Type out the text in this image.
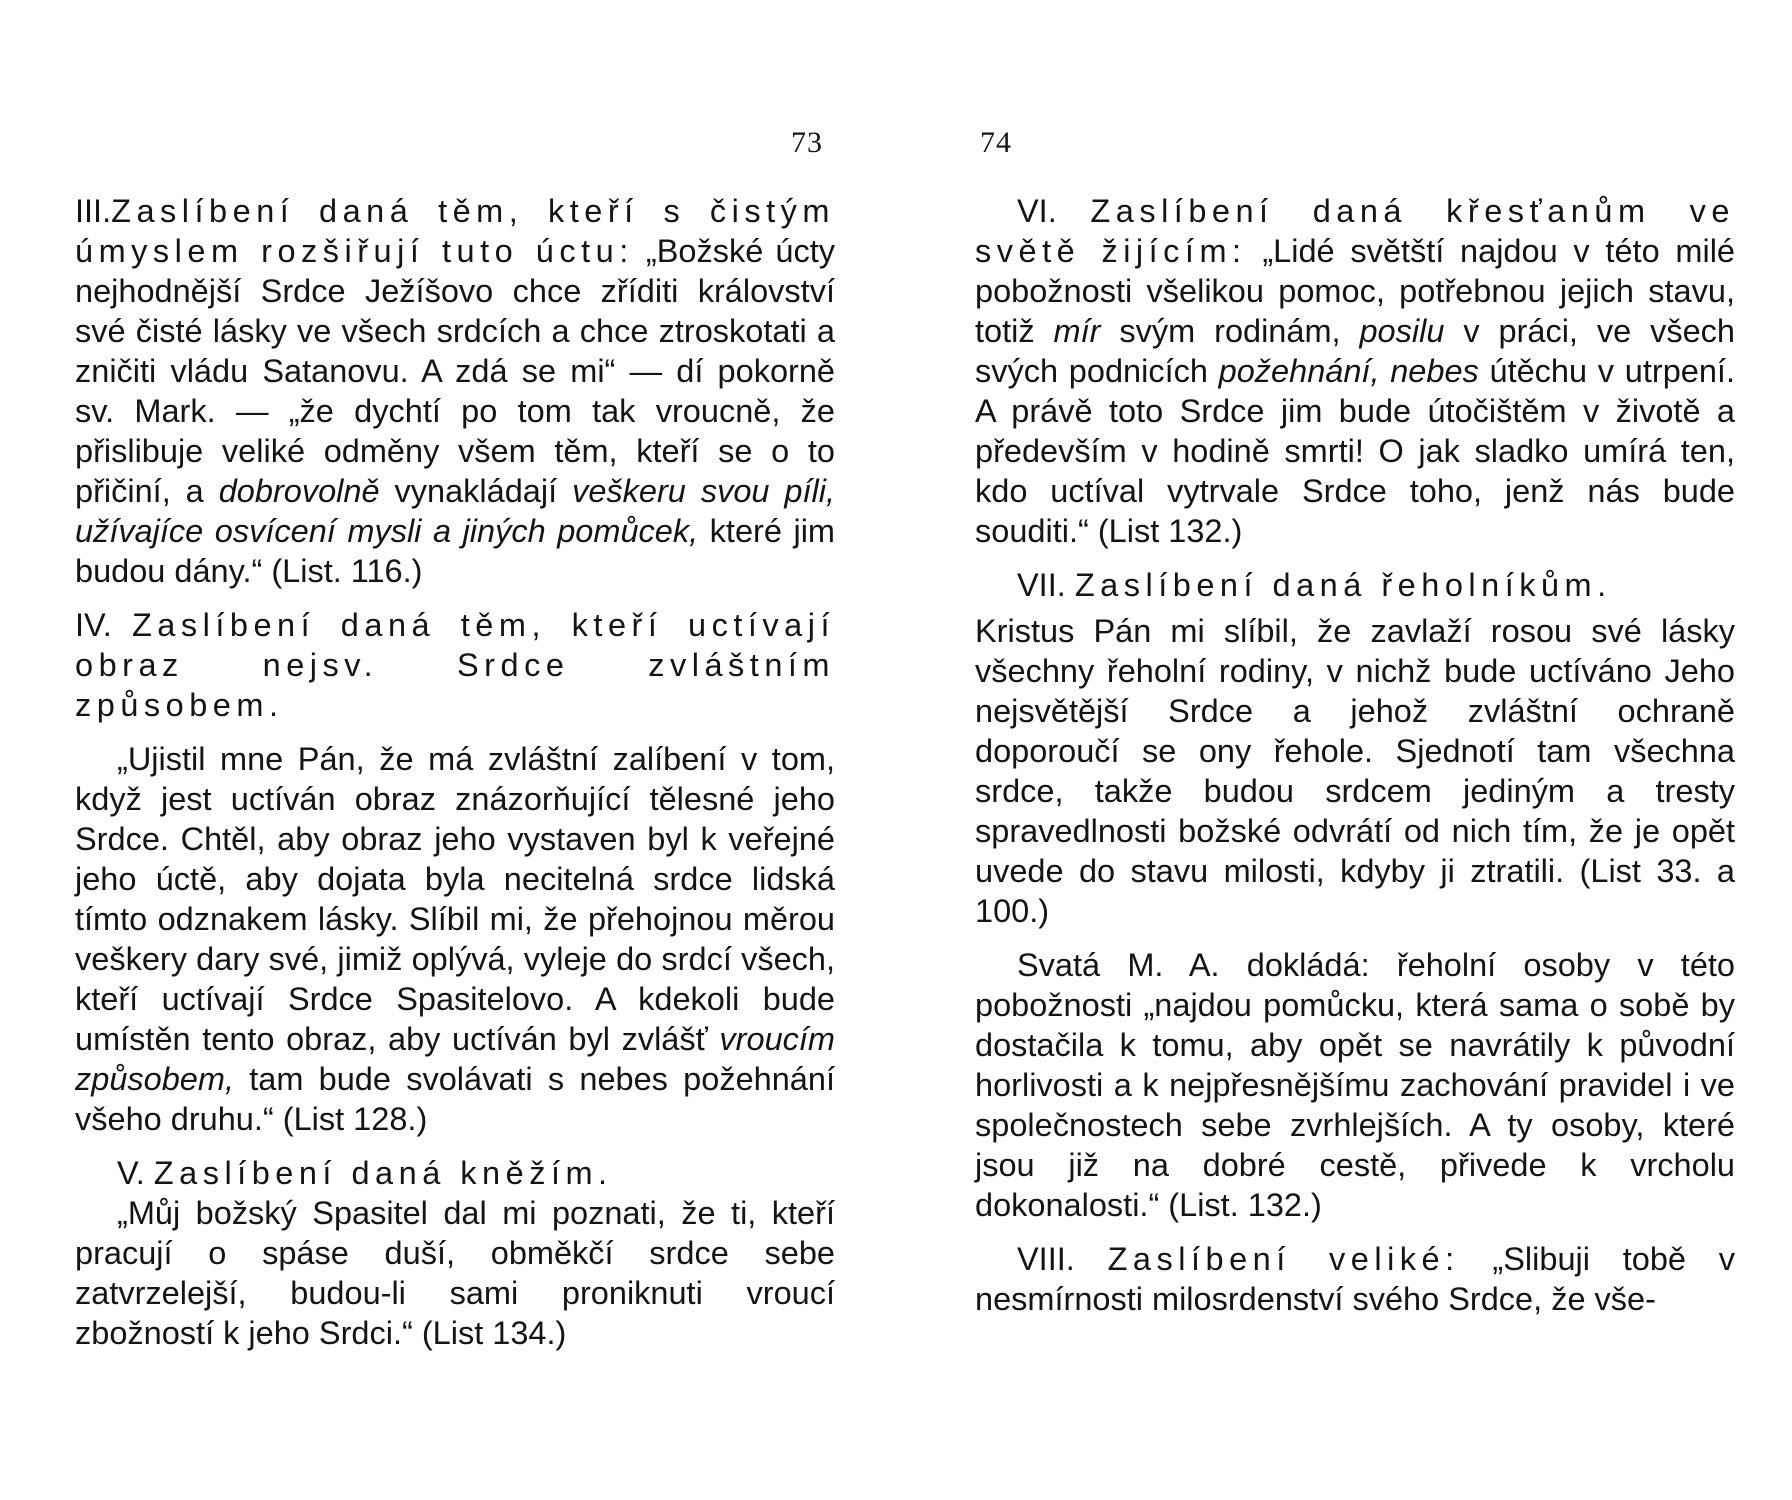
73

III.Zaslíbení daná těm, kteří s čistým úmyslem rozšiřují tuto úctu: „Božské úcty nejhodnější Srdce Ježíšovo chce zříditi království své čisté lásky ve všech srdcích a chce ztroskotati a zničiti vládu Satanovu. A zdá se mi“ — dí pokorně sv. Mark. — „že dychtí po tom tak vroucně, že přislibuje veliké odměny všem těm, kteří se o to přičiní, a dobrovolně vynakládají veškeru svou píli, užívajíce osvícení mysli a jiných pomůcek, které jim budou dány.“ (List. 116.)

IV. Zaslíbení daná těm, kteří uctívají obraz nejsv. Srdce zvláštním způsobem.

„Ujistil mne Pán, že má zvláštní zalíbení v tom, když jest uctíván obraz znázorňující tělesné jeho Srdce. Chtěl, aby obraz jeho vystaven byl k veřejné jeho úctě, aby dojata byla necitelná srdce lidská tímto odznakem lásky. Slíbil mi, že přehojnou měrou veškery dary své, jimiž oplývá, vyleje do srdcí všech, kteří uctívají Srdce Spasitelovo. A kdekoli bude umístěn tento obraz, aby uctíván byl zvlášť vroucím způsobem, tam bude svolávati s nebes požehnání všeho druhu.“ (List 128.)

V. Zaslíbení daná kněžím.

„Můj božský Spasitel dal mi poznati, že ti, kteří pracují o spáse duší, obměkčí srdce sebe zatvrzelejší, budou-li sami proniknuti vroucí zbožností k jeho Srdci.“ (List 134.)

74

VI. Zaslíbení daná křesťanům ve světě žijícím: „Lidé světští najdou v této milé pobožnosti všelikou pomoc, potřebnou jejich stavu, totiž mír svým rodinám, posilu v práci, ve všech svých podnicích požehnání, nebes útěchu v utrpení. A právě toto Srdce jim bude útočištěm v životě a především v hodině smrti! O jak sladko umírá ten, kdo uctíval vytrvale Srdce toho, jenž nás bude souditi.“ (List 132.)

VII. Zaslíbení daná řeholníkům.

Kristus Pán mi slíbil, že zavlaží rosou své lásky všechny řeholní rodiny, v nichž bude uctíváno Jeho nejsvětější Srdce a jehož zvláštní ochraně doporoučí se ony řehole. Sjednotí tam všechna srdce, takže budou srdcem jediným a tresty spravedlnosti božské odvrátí od nich tím, že je opět uvede do stavu milosti, kdyby ji ztratili. (List 33. a 100.)

Svatá M. A. dokládá: řeholní osoby v této pobožnosti „najdou pomůcku, která sama o sobě by dostačila k tomu, aby opět se navrátily k původní horlivosti a k nejpřesnějšímu zachování pravidel i ve společnostech sebe zvrhlejších. A ty osoby, které jsou již na dobré cestě, přivede k vrcholu dokonalosti.“ (List. 132.)

VIII. Zaslíbení veliké: „Slibuji tobě v nesmírnosti milosrdenství svého Srdce, že vše-
